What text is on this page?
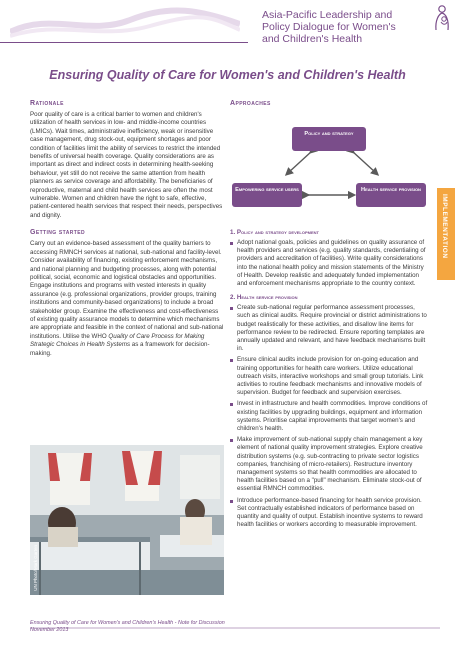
Asia-Pacific Leadership and
Policy Dialogue for Women's
and Children's Health
Ensuring Quality of Care for Women's and Children's Health
Rationale

Poor quality of care is a critical barrier to women and children's utilization of health services in low- and middle-income countries (LMICs). Wait times, administrative inefficiency, weak or insensitive case management, drug stock-out, equipment shortages and poor condition of facilities limit the ability of services to restrict the intended benefits of universal health coverage. Quality considerations are as important as direct and indirect costs in determining health-seeking behaviour, yet still do not receive the same attention from health planners as service coverage and affordability. The beneficiaries of reproductive, maternal and child health services are often the most vulnerable. Women and children have the right to safe, effective, patient-centered health services that respect their needs, perspectives and dignity.

Getting started

Carry out an evidence-based assessment of the quality barriers to accessing RMNCH services at national, sub-national and facility-level. Consider availability of financing, existing enforcement mechanisms, and national planning and budgeting processes, along with potential political, social, economic and logistical obstacles and opportunities. Engage institutions and programs with vested interests in quality assurance (e.g. professional organizations, provider groups, training institutions and community-based organizations) to include a broad stakeholder group. Examine the effectiveness and cost-effectiveness of existing quality assurance models to determine which mechanisms are appropriate and feasible in the context of national and sub-national institutions. Utilise the WHO Quality of Care Process for Making Strategic Choices in Health Systems as a framework for decision-making.

UN Photo/Mark Garten
Approaches
Policy and strategy
Empowering service users	Health service provision
1. Policy and strategy development
Adopt national goals, policies and guidelines on quality assurance of health providers and services (e.g. quality standards, credentialing of providers and accreditation of facilities). Write quality considerations into the national health policy and mission statements of the Ministry of Health. Develop realistic and adequately funded implementation and enforcement mechanisms appropriate to the country context.
2. Health service provision
Create sub-national regular performance assessment processes, such as clinical audits. Require provincial or district administrations to budget realistically for these activities, and disallow line items for performance review to be redirected. Ensure reporting templates are annually updated and relevant, and have feedback mechanisms built in.
Ensure clinical audits include provision for on-going education and training opportunities for health care workers. Utilize educational outreach visits, interactive workshops and small group tutorials. Link activities to routine feedback mechanisms and innovative models of supervision. Budget for feedback and supervision exercises.
Invest in infrastructure and health commodities. Improve conditions of existing facilities by upgrading buildings, equipment and information systems. Prioritise capital improvements that target women's and children's health.
Make improvement of sub-national supply chain management a key element of national quality improvement strategies. Explore creative distribution systems (e.g. sub-contracting to private sector logistics companies, franchising of micro-retailers). Restructure inventory management systems so that health commodities are allocated to health facilities based on a "pull" mechanism. Eliminate stock-out of essential RMNCH commodities.
Introduce performance-based financing for health service provision. Set contractually established indicators of performance based on quantity and quality of output. Establish incentive systems to reward health facilities or workers according to measurable improvement.
IMPLEMENTATION
Ensuring Quality of Care for Women's and Children's Health - Note for Discussion
November 2013
